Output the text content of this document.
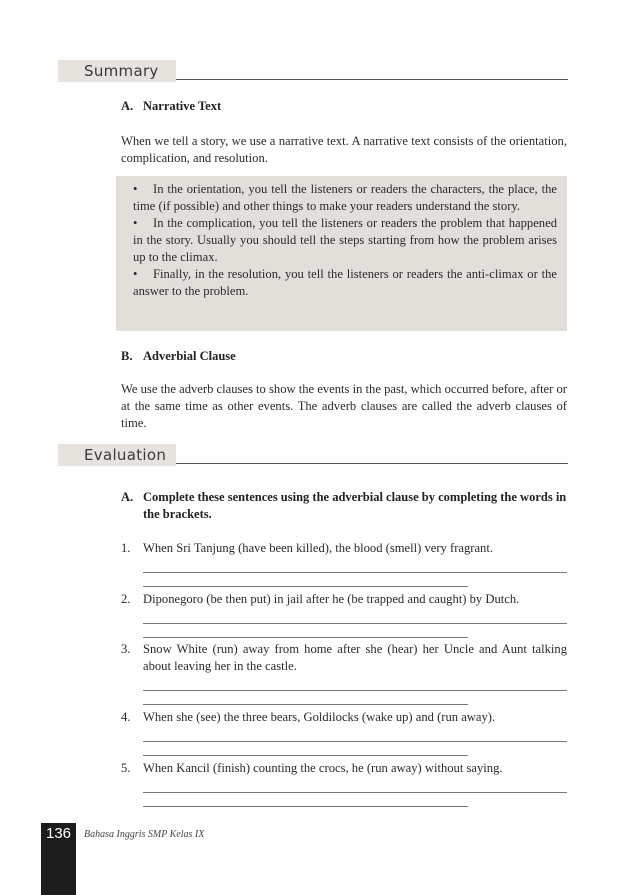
Summary
A. Narrative Text

When we tell a story, we use a narrative text. A narrative text consists of the orientation, complication, and resolution.

• In the orientation, you tell the listeners or readers the characters, the place, the time (if possible) and other things to make your readers understand the story.

• In the complication, you tell the listeners or readers the problem that happened in the story. Usually you should tell the steps starting from how the problem arises up to the climax.

• Finally, in the resolution, you tell the listeners or readers the anti-climax or the answer to the problem.

B. Adverbial Clause

We use the adverb clauses to show the events in the past, which occurred before, after or at the same time as other events. The adverb clauses are called the adverb clauses of time.

Evaluation
A. Complete these sentences using the adverbial clause by completing the words in the brackets.
1. When Sri Tanjung (have been killed), the blood (smell) very fragrant.
2. Diponegoro (be then put) in jail after he (be trapped and caught) by Dutch.
3. Snow White (run) away from home after she (hear) her Uncle and Aunt talking about leaving her in the castle.
4. When she (see) the three bears, Goldilocks (wake up) and (run away).
5. When Kancil (finish) counting the crocs, he (run away) without saying.
136	Bahasa Inggris SMP Kelas IX
